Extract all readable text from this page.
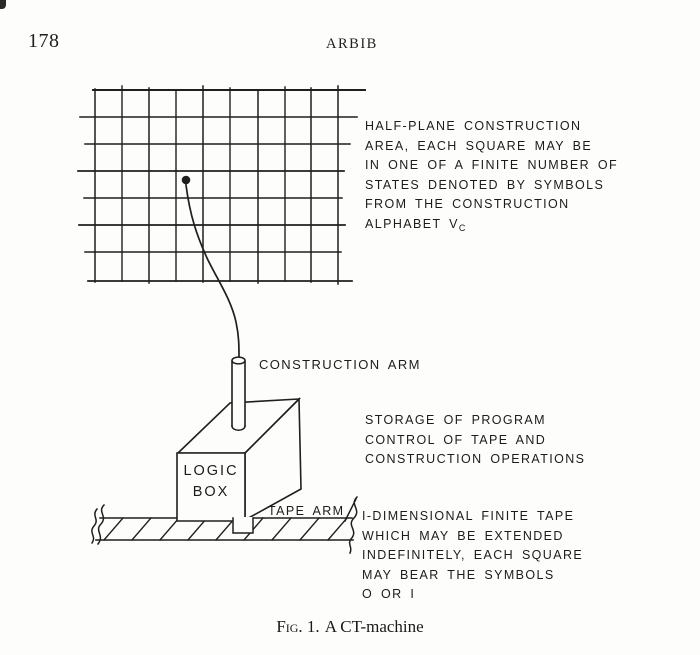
178	ARBIB
HALF-PLANE CONSTRUCTION
AREA, EACH SQUARE MAY BE
IN ONE OF A FINITE NUMBER OF
STATES DENOTED BY SYMBOLS
FROM THE CONSTRUCTION
ALPHABET $V_C$
CONSTRUCTION ARM
STORAGE OF PROGRAM
CONTROL OF TAPE AND
CONSTRUCTION OPERATIONS
LOGIC
BOX
TAPE ARM I-DIMENSIONAL FINITE TAPE
WHICH MAY BE EXTENDED
INDEFINITELY, EACH SQUARE
MAY BEAR THE SYMBOLS
O OR I
Fig. 1. A CT-machine
